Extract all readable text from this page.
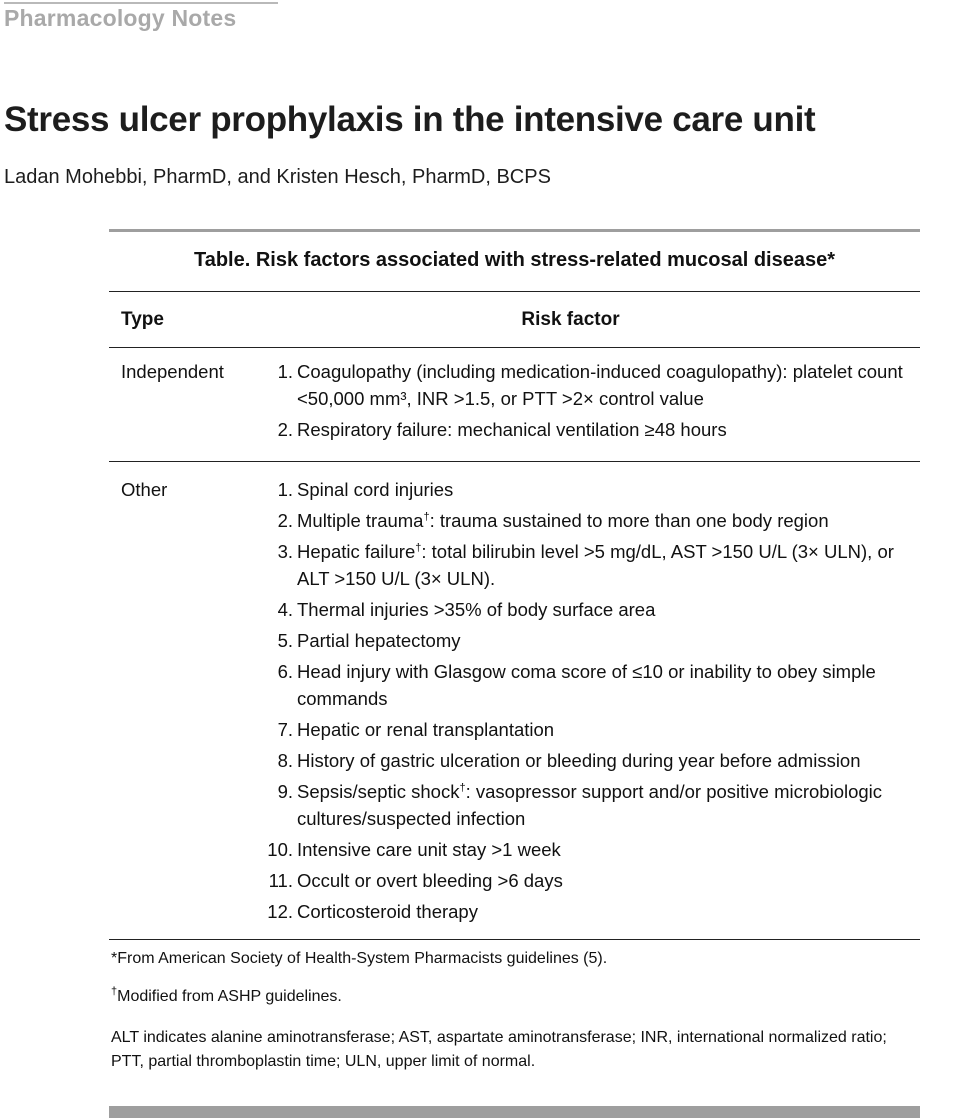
Pharmacology Notes
Stress ulcer prophylaxis in the intensive care unit
Ladan Mohebbi, PharmD, and Kristen Hesch, PharmD, BCPS
Table. Risk factors associated with stress-related mucosal disease*
Type	Risk factor
Independent	1. Coagulopathy (including medication-induced coagulopathy): platelet count <50,000 mm³, INR >1.5, or PTT >2× control value
2. Respiratory failure: mechanical ventilation ≥48 hours
Other	1. Spinal cord injuries
2. Multiple trauma†: trauma sustained to more than one body region
3. Hepatic failure†: total bilirubin level >5 mg/dL, AST >150 U/L (3× ULN), or ALT >150 U/L (3× ULN).
4. Thermal injuries >35% of body surface area
5. Partial hepatectomy
6. Head injury with Glasgow coma score of ≤10 or inability to obey simple commands
7. Hepatic or renal transplantation
8. History of gastric ulceration or bleeding during year before admission
9. Sepsis/septic shock†: vasopressor support and/or positive microbiologic cultures/suspected infection
10. Intensive care unit stay >1 week
11. Occult or overt bleeding >6 days
12. Corticosteroid therapy
*From American Society of Health-System Pharmacists guidelines (5).
†Modified from ASHP guidelines.
ALT indicates alanine aminotransferase; AST, aspartate aminotransferase; INR, international normalized ratio; PTT, partial thromboplastin time; ULN, upper limit of normal.
